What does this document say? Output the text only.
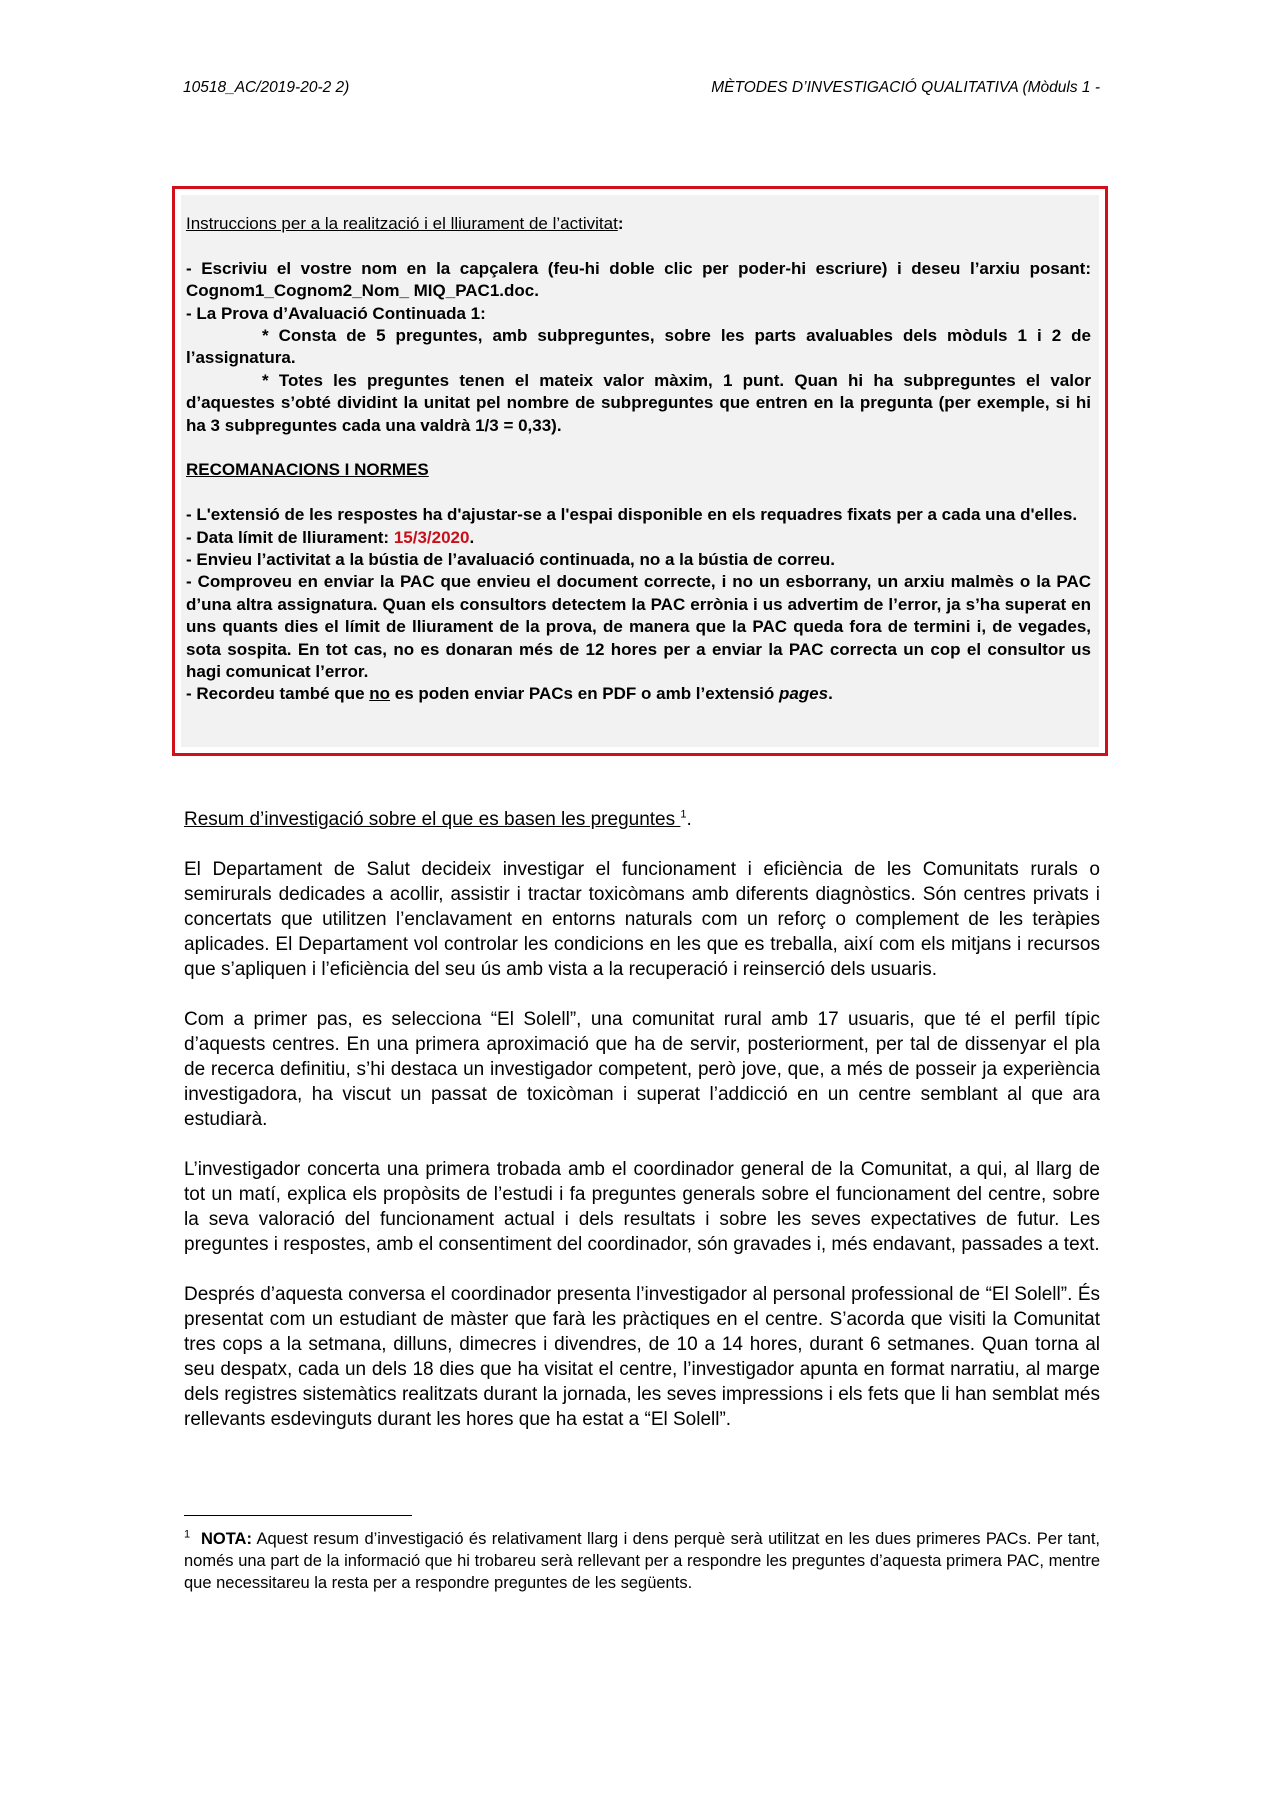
10518_AC/2019-20-2 2)	MÈTODES D’INVESTIGACIÓ QUALITATIVA (Mòduls 1 -

Instruccions per a la realització i el lliurament de l’activitat:

- Escriviu el vostre nom en la capçalera (feu-hi doble clic per poder-hi escriure) i deseu l’arxiu posant: Cognom1_Cognom2_Nom_ MIQ_PAC1.doc.

- La Prova d’Avaluació Continuada 1:

* Consta de 5 preguntes, amb subpreguntes, sobre les parts avaluables dels mòduls 1 i 2 de l’assignatura.

* Totes les preguntes tenen el mateix valor màxim, 1 punt. Quan hi ha subpreguntes el valor d’aquestes s’obté dividint la unitat pel nombre de subpreguntes que entren en la pregunta (per exemple, si hi ha 3 subpreguntes cada una valdrà 1/3 = 0,33).

RECOMANACIONS I NORMES

- L'extensió de les respostes ha d'ajustar-se a l'espai disponible en els requadres fixats per a cada una d'elles.

- Data límit de lliurament: 15/3/2020.

- Envieu l’activitat a la bústia de l’avaluació continuada, no a la bústia de correu.

- Comproveu en enviar la PAC que envieu el document correcte, i no un esborrany, un arxiu malmès o la PAC d’una altra assignatura. Quan els consultors detectem la PAC errònia i us advertim de l’error, ja s’ha superat en uns quants dies el límit de lliurament de la prova, de manera que la PAC queda fora de termini i, de vegades, sota sospita. En tot cas, no es donaran més de 12 hores per a enviar la PAC correcta un cop el consultor us hagi comunicat l’error.

- Recordeu també que no es poden enviar PACs en PDF o amb l’extensió pages.

Resum d’investigació sobre el que es basen les preguntes $^1$.

El Departament de Salut decideix investigar el funcionament i eficiència de les Comunitats rurals o semirurals dedicades a acollir, assistir i tractar toxicòmans amb diferents diagnòstics. Són centres privats i concertats que utilitzen l’enclavament en entorns naturals com un reforç o complement de les teràpies aplicades. El Departament vol controlar les condicions en les que es treballa, així com els mitjans i recursos que s’apliquen i l’eficiència del seu ús amb vista a la recuperació i reinserció dels usuaris.

Com a primer pas, es selecciona “El Solell”, una comunitat rural amb 17 usuaris, que té el perfil típic d’aquests centres. En una primera aproximació que ha de servir, posteriorment, per tal de dissenyar el pla de recerca definitiu, s’hi destaca un investigador competent, però jove, que, a més de posseir ja experiència investigadora, ha viscut un passat de toxicòman i superat l’addicció en un centre semblant al que ara estudiarà.

L’investigador concerta una primera trobada amb el coordinador general de la Comunitat, a qui, al llarg de tot un matí, explica els propòsits de l’estudi i fa preguntes generals sobre el funcionament del centre, sobre la seva valoració del funcionament actual i dels resultats i sobre les seves expectatives de futur. Les preguntes i respostes, amb el consentiment del coordinador, són gravades i, més endavant, passades a text.

Després d’aquesta conversa el coordinador presenta l’investigador al personal professional de “El Solell”. És presentat com un estudiant de màster que farà les pràctiques en el centre. S’acorda que visiti la Comunitat tres cops a la setmana, dilluns, dimecres i divendres, de 10 a 14 hores, durant 6 setmanes. Quan torna al seu despatx, cada un dels 18 dies que ha visitat el centre, l’investigador apunta en format narratiu, al marge dels registres sistemàtics realitzats durant la jornada, les seves impressions i els fets que li han semblat més rellevants esdevinguts durant les hores que ha estat a “El Solell”.

$^1$ NOTA: Aquest resum d’investigació és relativament llarg i dens perquè serà utilitzat en les dues primeres PACs. Per tant, només una part de la informació que hi trobareu serà rellevant per a respondre les preguntes d’aquesta primera PAC, mentre que necessitareu la resta per a respondre preguntes de les següents.
